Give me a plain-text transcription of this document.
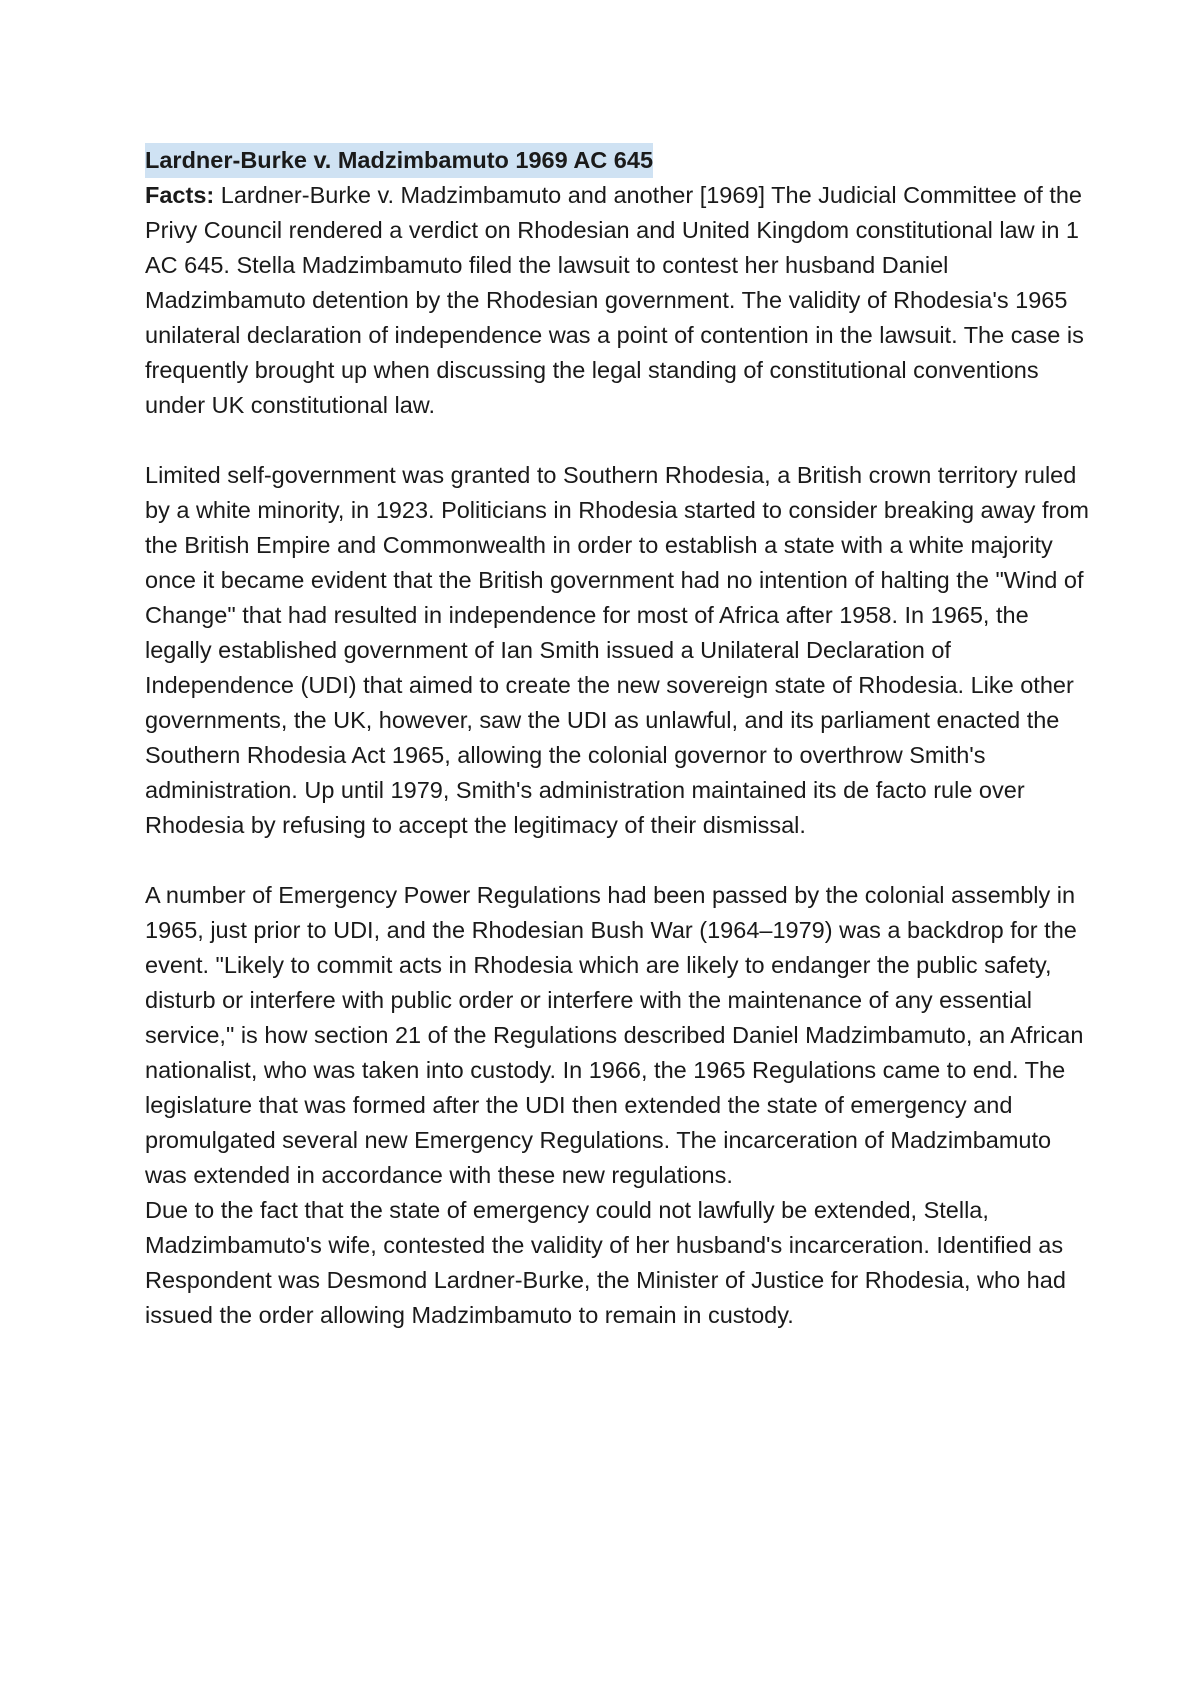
Lardner-Burke v. Madzimbamuto 1969 AC 645

Facts: Lardner-Burke v. Madzimbamuto and another [1969] The Judicial Committee of the Privy Council rendered a verdict on Rhodesian and United Kingdom constitutional law in 1 AC 645. Stella Madzimbamuto filed the lawsuit to contest her husband Daniel Madzimbamuto detention by the Rhodesian government. The validity of Rhodesia's 1965 unilateral declaration of independence was a point of contention in the lawsuit. The case is frequently brought up when discussing the legal standing of constitutional conventions under UK constitutional law.

Limited self-government was granted to Southern Rhodesia, a British crown territory ruled by a white minority, in 1923. Politicians in Rhodesia started to consider breaking away from the British Empire and Commonwealth in order to establish a state with a white majority once it became evident that the British government had no intention of halting the "Wind of Change" that had resulted in independence for most of Africa after 1958. In 1965, the legally established government of Ian Smith issued a Unilateral Declaration of Independence (UDI) that aimed to create the new sovereign state of Rhodesia. Like other governments, the UK, however, saw the UDI as unlawful, and its parliament enacted the Southern Rhodesia Act 1965, allowing the colonial governor to overthrow Smith's administration. Up until 1979, Smith's administration maintained its de facto rule over Rhodesia by refusing to accept the legitimacy of their dismissal.

A number of Emergency Power Regulations had been passed by the colonial assembly in 1965, just prior to UDI, and the Rhodesian Bush War (1964–1979) was a backdrop for the event. "Likely to commit acts in Rhodesia which are likely to endanger the public safety, disturb or interfere with public order or interfere with the maintenance of any essential service," is how section 21 of the Regulations described Daniel Madzimbamuto, an African nationalist, who was taken into custody. In 1966, the 1965 Regulations came to end. The legislature that was formed after the UDI then extended the state of emergency and promulgated several new Emergency Regulations. The incarceration of Madzimbamuto was extended in accordance with these new regulations.

Due to the fact that the state of emergency could not lawfully be extended, Stella, Madzimbamuto's wife, contested the validity of her husband's incarceration. Identified as Respondent was Desmond Lardner-Burke, the Minister of Justice for Rhodesia, who had issued the order allowing Madzimbamuto to remain in custody.
